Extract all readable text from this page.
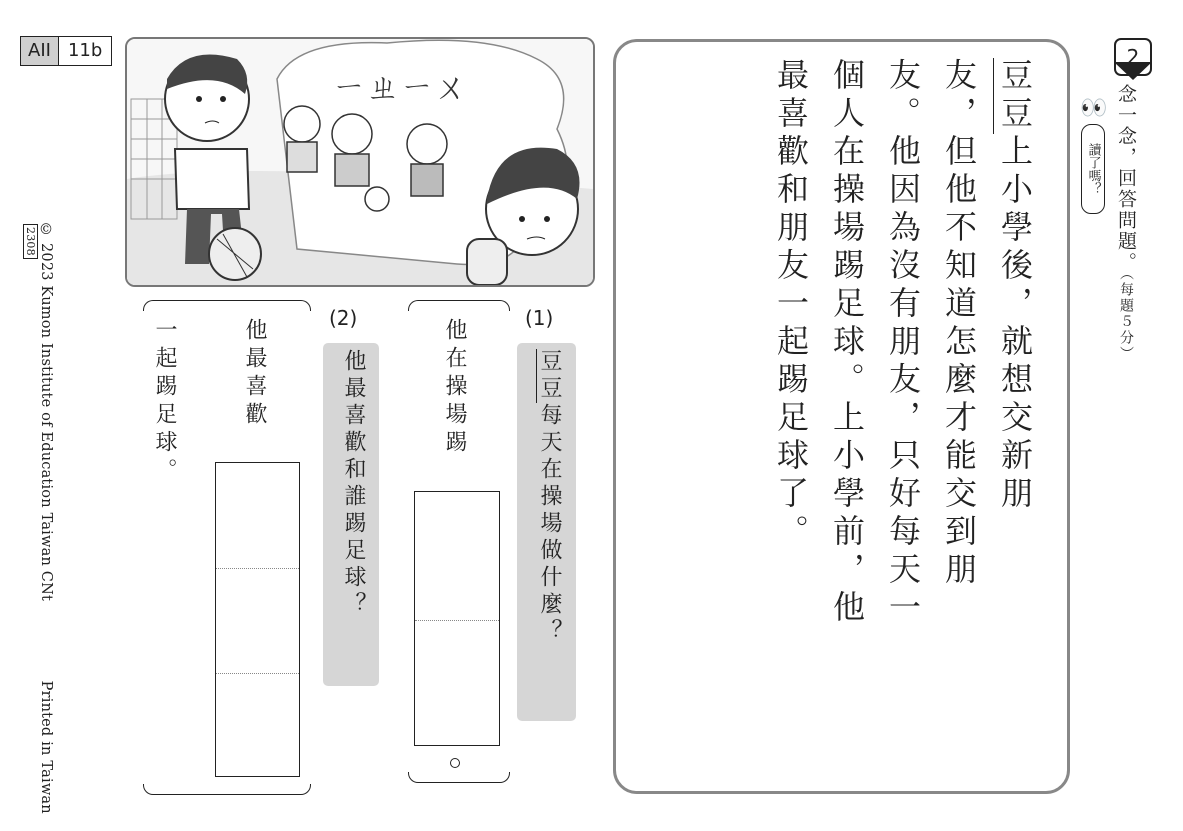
AII 11b
© 2023 Kumon Institute of Education Taiwan CNt  Printed in Taiwan 2308
ㄧㄓㄧㄨ	豆豆上小學後，就想交新朋
友，但他不知道怎麼才能交到朋
友。他因為沒有朋友，只好每天一
個人在操場踢足球。上小學前，他
最喜歡和朋友一起踢足球了。
2
念一念，回答問題。（每題５分）
👀
讀了嗎？
(1)
豆豆每天在操場做什麼？
他在操場踢
(2)
他最喜歡和誰踢足球？
他最喜歡
一起踢足球。
